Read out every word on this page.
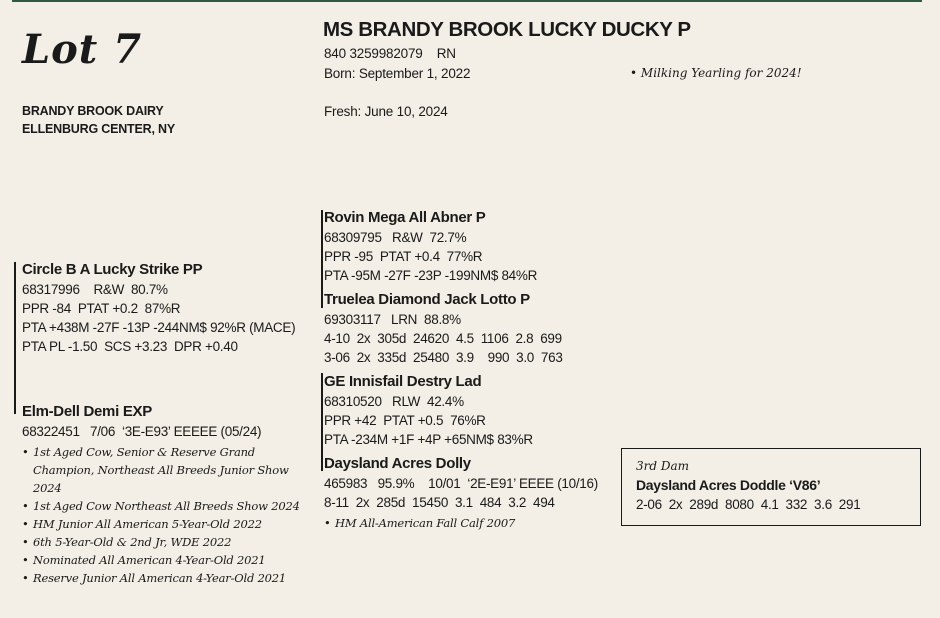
Lot 7
BRANDY BROOK DAIRY
ELLENBURG CENTER, NY
MS BRANDY BROOK LUCKY DUCKY P
840 3259982079    RN
Born: September 1, 2022
Fresh: June 10, 2024
• Milking Yearling for 2024!
Circle B A Lucky Strike PP
68317996    R&W  80.7%
PPR -84  PTAT +0.2  87%R
PTA +438M -27F -13P -244NM$ 92%R (MACE)
PTA PL -1.50  SCS +3.23  DPR +0.40
Elm-Dell Demi EXP
68322451   7/06  ‘3E-E93’ EEEEE (05/24)
• 1st Aged Cow, Senior & Reserve Grand Champion, Northeast All Breeds Junior Show 2024
• 1st Aged Cow Northeast All Breeds Show 2024
• HM Junior All American 5-Year-Old 2022
• 6th 5-Year-Old & 2nd Jr, WDE 2022
• Nominated All American 4-Year-Old 2021
• Reserve Junior All American 4-Year-Old 2021
Rovin Mega All Abner P
68309795   R&W  72.7%
PPR -95  PTAT +0.4  77%R
PTA -95M -27F -23P -199NM$ 84%R
Truelea Diamond Jack Lotto P
69303117   LRN  88.8%
4-10  2x  305d  24620  4.5  1106  2.8  699
3-06  2x  335d  25480  3.9    990  3.0  763
GE Innisfail Destry Lad
68310520   RLW  42.4%
PPR +42  PTAT +0.5  76%R
PTA -234M +1F +4P +65NM$ 83%R
Daysland Acres Dolly
465983   95.9%    10/01  ‘2E-E91’ EEEE (10/16)
8-11  2x  285d  15450  3.1  484  3.2  494
• HM All-American Fall Calf 2007
3rd Dam
Daysland Acres Doddle ‘V86’
2-06  2x  289d  8080  4.1  332  3.6  291
